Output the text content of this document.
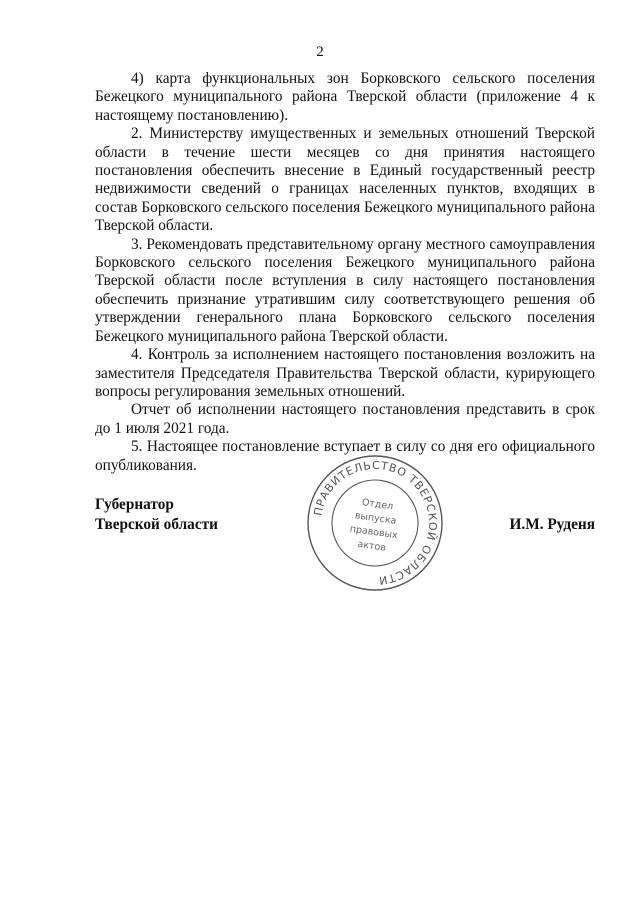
2

4) карта функциональных зон Борковского сельского поселения Бежецкого муниципального района Тверской области (приложение 4 к настоящему постановлению).

2. Министерству имущественных и земельных отношений Тверской области в течение шести месяцев со дня принятия настоящего постановления обеспечить внесение в Единый государственный реестр недвижимости сведений о границах населенных пунктов, входящих в состав Борковского сельского поселения Бежецкого муниципального района Тверской области.

3. Рекомендовать представительному органу местного самоуправления Борковского сельского поселения Бежецкого муниципального района Тверской области после вступления в силу настоящего постановления обеспечить признание утратившим силу соответствующего решения об утверждении генерального плана Борковского сельского поселения Бежецкого муниципального района Тверской области.

4. Контроль за исполнением настоящего постановления возложить на заместителя Председателя Правительства Тверской области, курирующего вопросы регулирования земельных отношений.

Отчет об исполнении настоящего постановления представить в срок до 1 июля 2021 года.

5. Настоящее постановление вступает в силу со дня его официального опубликования.

Губернатор
Тверской области	И.М. Руденя
ПРАВИТЕЛЬСТВО ТВЕРСКОЙ ОБЛАСТИ
Отдел
выпуска
правовых
актов
